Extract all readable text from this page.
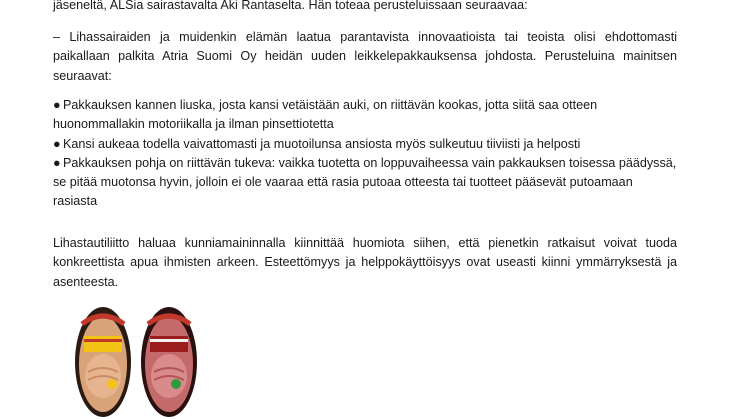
jäseneltä, ALSia sairastavalta Aki Rantaselta. Hän toteaa perusteluissaan seuraavaa:
– Lihassairaiden ja muidenkin elämän laatua parantavista innovaatioista tai teoista olisi ehdottomasti
paikallaan palkita Atria Suomi Oy heidän uuden leikkelepakkauksensa johdosta. Perusteluina mainitsen
seuraavat:
● Pakkauksen kannen liuska, josta kansi vetäistään auki, on riittävän kookas, jotta siitä saa otteen
huonommallakin motoriikalla ja ilman pinsettiotetta
● Kansi aukeaa todella vaivattomasti ja muotoilunsa ansiosta myös sulkeutuu tiiviisti ja helposti
● Pakkauksen pohja on riittävän tukeva: vaikka tuotetta on loppuvaiheessa vain pakkauksen toisessa päädyssä,
se pitää muotonsa hyvin, jolloin ei ole vaaraa että rasia putoaa otteesta tai tuotteet pääsevät putoamaan
rasiasta
Lihastautiliitto haluaa kunniamaininnalla kiinnittää huomiota siihen, että pienetkin ratkaisut voivat tuoda
konkreettista apua ihmisten arkeen. Esteettömyys ja helppokäyttöisyys ovat useasti kiinni ymmärryksestä ja
asenteesta.
